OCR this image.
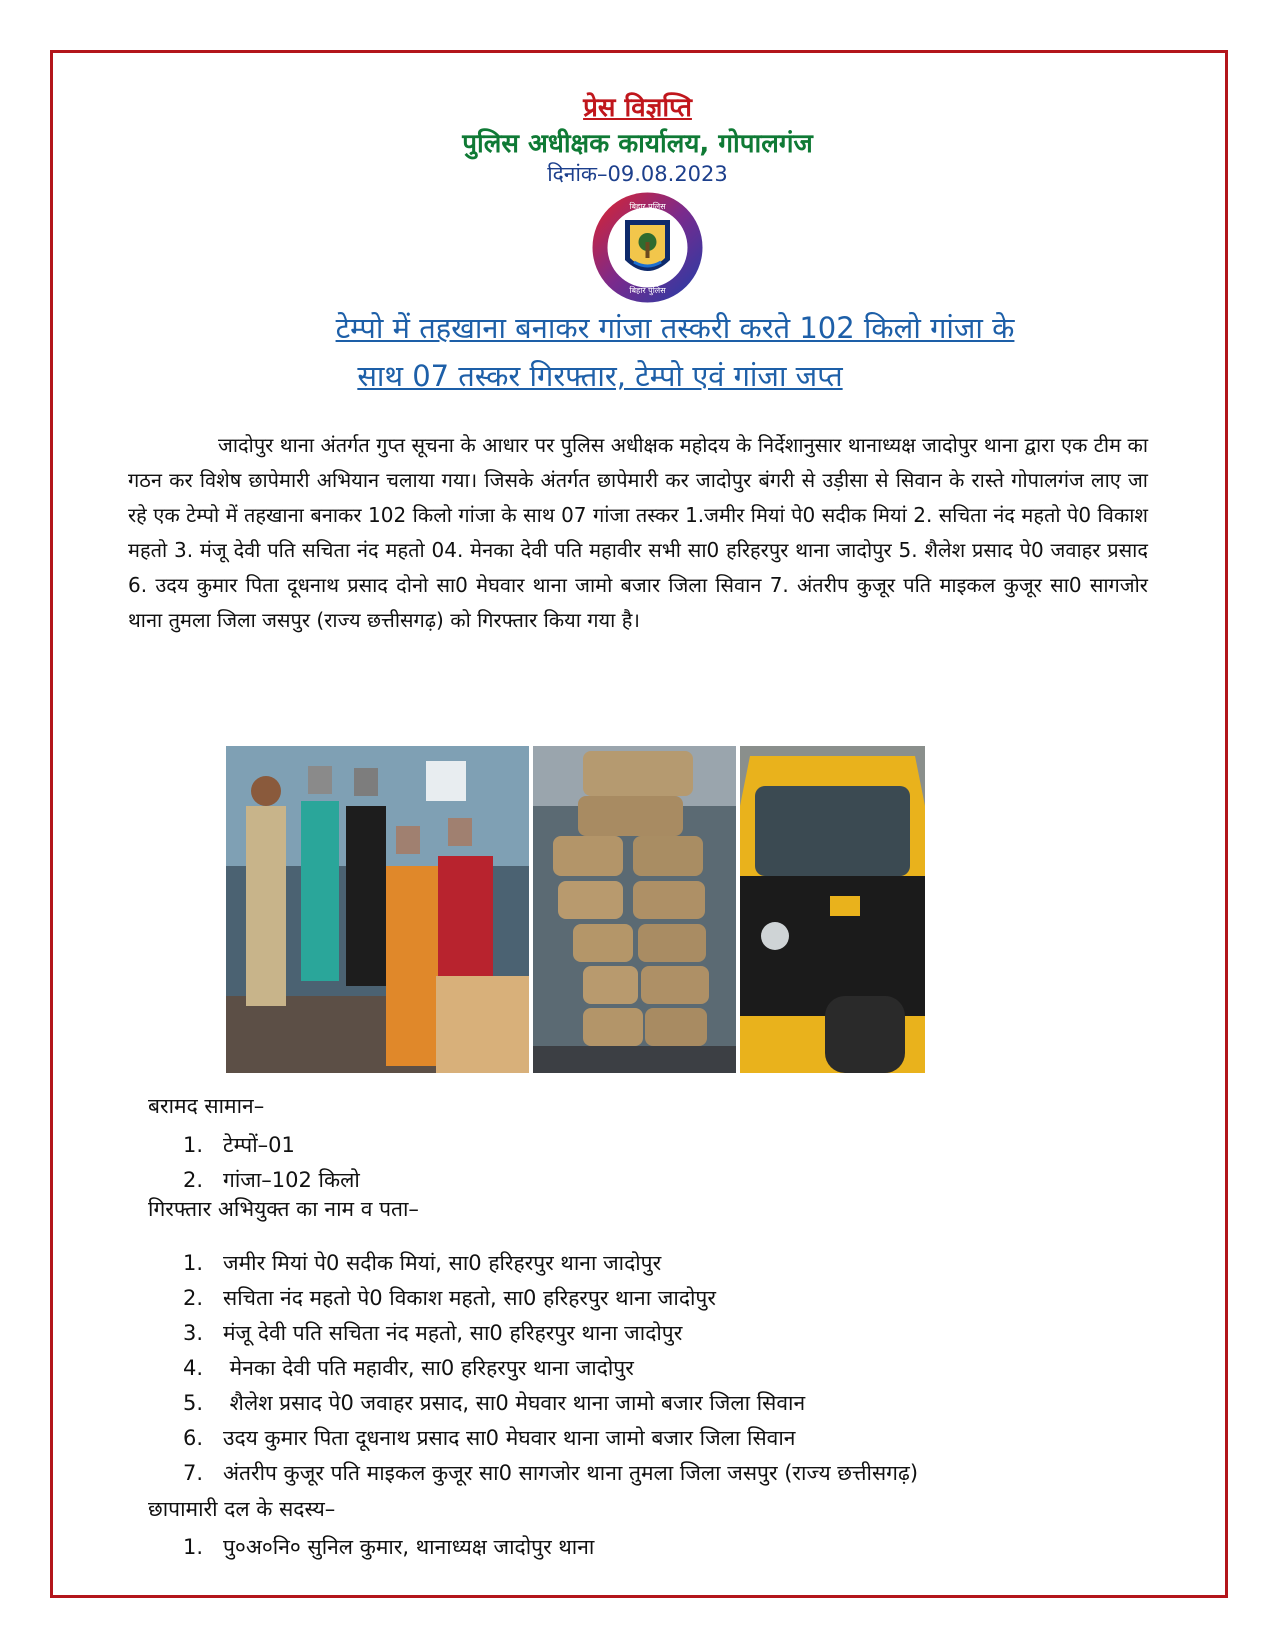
प्रेस विज्ञप्ति
पुलिस अधीक्षक कार्यालय, गोपालगंज
दिनांक–09.08.2023
बिहार पुलिस
बिहार पुलिस
टेम्पो में तहखाना बनाकर गांजा तस्करी करते 102 किलो गांजा के
साथ 07 तस्कर गिरफ्तार, टेम्पो एवं गांजा जप्त
जादोपुर थाना अंतर्गत गुप्त सूचना के आधार पर पुलिस अधीक्षक महोदय के निर्देशानुसार थानाध्यक्ष जादोपुर थाना द्वारा एक टीम का गठन कर विशेष छापेमारी अभियान चलाया गया। जिसके अंतर्गत छापेमारी कर जादोपुर बंगरी से उड़ीसा से सिवान के रास्ते गोपालगंज लाए जा रहे एक टेम्पो में तहखाना बनाकर 102 किलो गांजा के साथ 07 गांजा तस्कर 1.जमीर मियां पे0 सदीक मियां 2. सचिता नंद महतो पे0 विकाश महतो 3. मंजू देवी पति सचिता नंद महतो 04. मेनका देवी पति महावीर सभी सा0 हरिहरपुर थाना जादोपुर 5. शैलेश प्रसाद पे0 जवाहर प्रसाद 6. उदय कुमार पिता दूधनाथ प्रसाद दोनो सा0 मेघवार थाना जामो बजार जिला सिवान 7. अंतरीप कुजूर पति माइकल कुजूर सा0 सागजोर थाना तुमला जिला जसपुर (राज्य छत्तीसगढ़) को गिरफ्तार किया गया है।
बरामद सामान–
1. टेम्पों–01
2. गांजा–102 किलो
गिरफ्तार अभियुक्त का नाम व पता–
1. जमीर मियां पे0 सदीक मियां, सा0 हरिहरपुर थाना जादोपुर
2. सचिता नंद महतो पे0 विकाश महतो, सा0 हरिहरपुर थाना जादोपुर
3. मंजू देवी पति सचिता नंद महतो, सा0 हरिहरपुर थाना जादोपुर
4. मेनका देवी पति महावीर, सा0 हरिहरपुर थाना जादोपुर
5. शैलेश प्रसाद पे0 जवाहर प्रसाद, सा0 मेघवार थाना जामो बजार जिला सिवान
6. उदय कुमार पिता दूधनाथ प्रसाद सा0 मेघवार थाना जामो बजार जिला सिवान
7. अंतरीप कुजूर पति माइकल कुजूर सा0 सागजोर थाना तुमला जिला जसपुर (राज्य छत्तीसगढ़)
छापामारी दल के सदस्य–
1. पु०अ०नि० सुनिल कुमार, थानाध्यक्ष जादोपुर थाना
